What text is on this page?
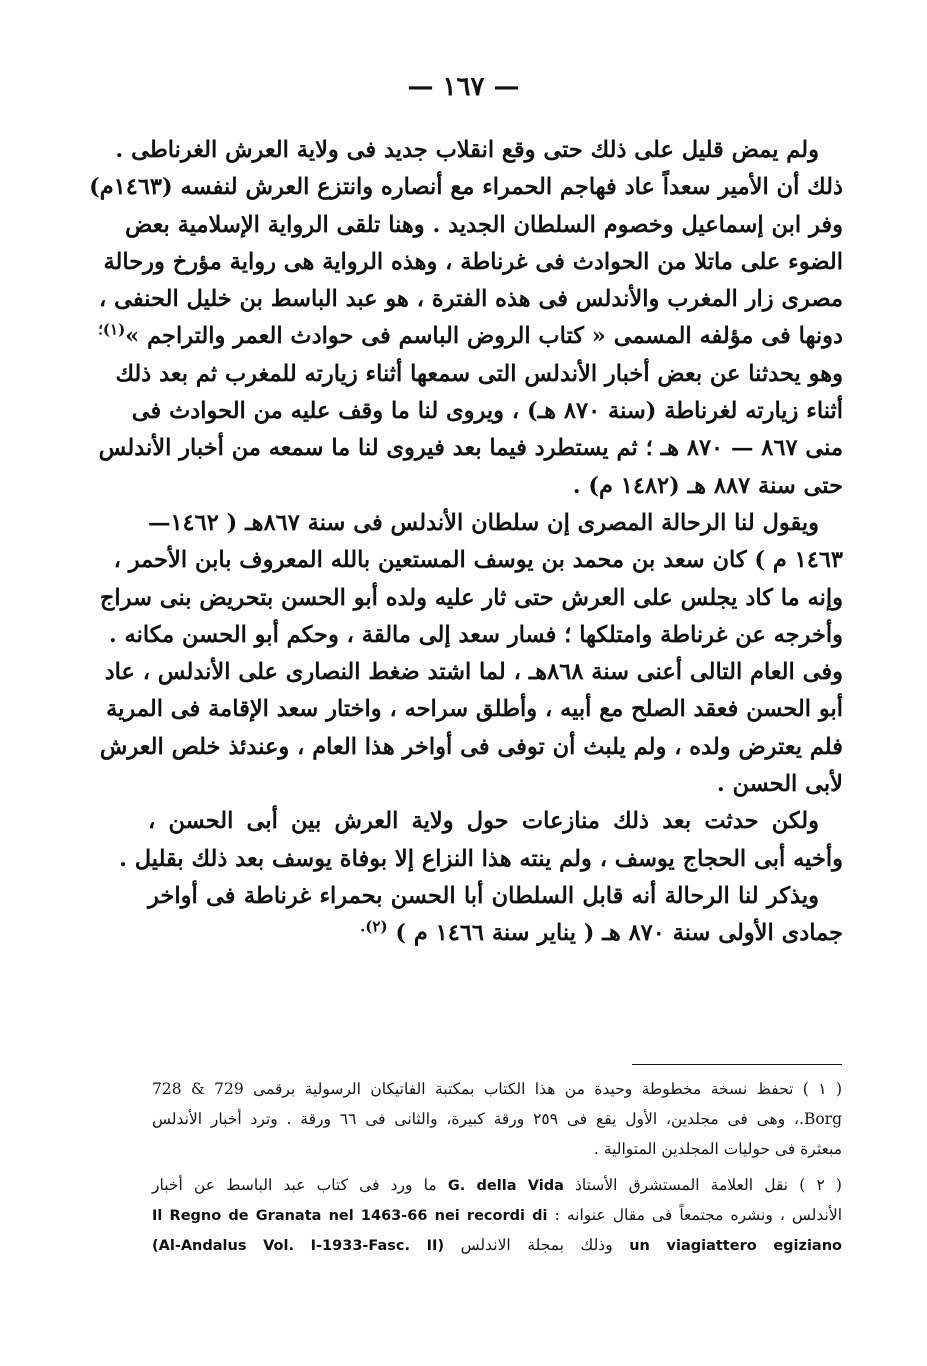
— ١٦٧ —
ولم يمض قليل على ذلك حتى وقع انقلاب جديد فى ولاية العرش الغرناطى .
ذلك أن الأمير سعداً عاد فهاجم الحمراء مع أنصاره وانتزع العرش لنفسه (١٤٦٣م)
وفر ابن إسماعيل وخصوم السلطان الجديد . وهنا تلقى الرواية الإسلامية بعض
الضوء على ماتلا من الحوادث فى غرناطة ، وهذه الرواية هى رواية مؤرخ ورحالة
مصرى زار المغرب والأندلس فى هذه الفترة ، هو عبد الباسط بن خليل الحنفى ،
دونها فى مؤلفه المسمى « كتاب الروض الباسم فى حوادث العمر والتراجم »$^{(١)؛}$
وهو يحدثنا عن بعض أخبار الأندلس التى سمعها أثناء زيارته للمغرب ثم بعد ذلك
أثناء زيارته لغرناطة (سنة ٨٧٠ هـ) ، ويروى لنا ما وقف عليه من الحوادث فى
منى ٨٦٧ — ٨٧٠ هـ ؛ ثم يستطرد فيما بعد فيروى لنا ما سمعه من أخبار الأندلس
حتى سنة ٨٨٧ هـ (١٤٨٢ م) .
ويقول لنا الرحالة المصرى إن سلطان الأندلس فى سنة ٨٦٧هـ ( ١٤٦٢—
١٤٦٣ م ) كان سعد بن محمد بن يوسف المستعين بالله المعروف بابن الأحمر ،
وإنه ما كاد يجلس على العرش حتى ثار عليه ولده أبو الحسن بتحريض بنى سراج
وأخرجه عن غرناطة وامتلكها ؛ فسار سعد إلى مالقة ، وحكم أبو الحسن مكانه .
وفى العام التالى أعنى سنة ٨٦٨هـ ، لما اشتد ضغط النصارى على الأندلس ، عاد
أبو الحسن فعقد الصلح مع أبيه ، وأطلق سراحه ، واختار سعد الإقامة فى المرية
فلم يعترض ولده ، ولم يلبث أن توفى فى أواخر هذا العام ، وعندئذ خلص العرش
لأبى الحسن .
ولكن حدثت بعد ذلك منازعات حول ولاية العرش بين أبى الحسن ،
وأخيه أبى الحجاج يوسف ، ولم ينته هذا النزاع إلا بوفاة يوسف بعد ذلك بقليل .
ويذكر لنا الرحالة أنه قابل السلطان أبا الحسن بحمراء غرناطة فى أواخر
جمادى الأولى سنة ٨٧٠ هـ ( يناير سنة ١٤٦٦ م ) $^{(٢).}$
( ١ ) تحفظ نسخة مخطوطة وحيدة من هذا الكتاب بمكتبة الفاتيكان الرسولية برقمى 729 & 728
Borg.، وهى فى مجلدين، الأول يقع فى ٢٥٩ ورقة كبيرة، والثانى فى ٦٦ ورقة . وترد أخبار الأندلس
مبعثرة فى حوليات المجلدين المتوالية .
( ٢ ) نقل العلامة المستشرق الأستاذ G. della Vida ما ورد فى كتاب عبد الباسط عن أخبار
الأندلس ، ونشره مجتمعاً فى مقال عنوانه : Il Regno de Granata nel 1463-66 nei recordi di
un viagiattero egiziano وذلك بمجلة الاندلس (Al-Andalus Vol. I-1933-Fasc. II)
